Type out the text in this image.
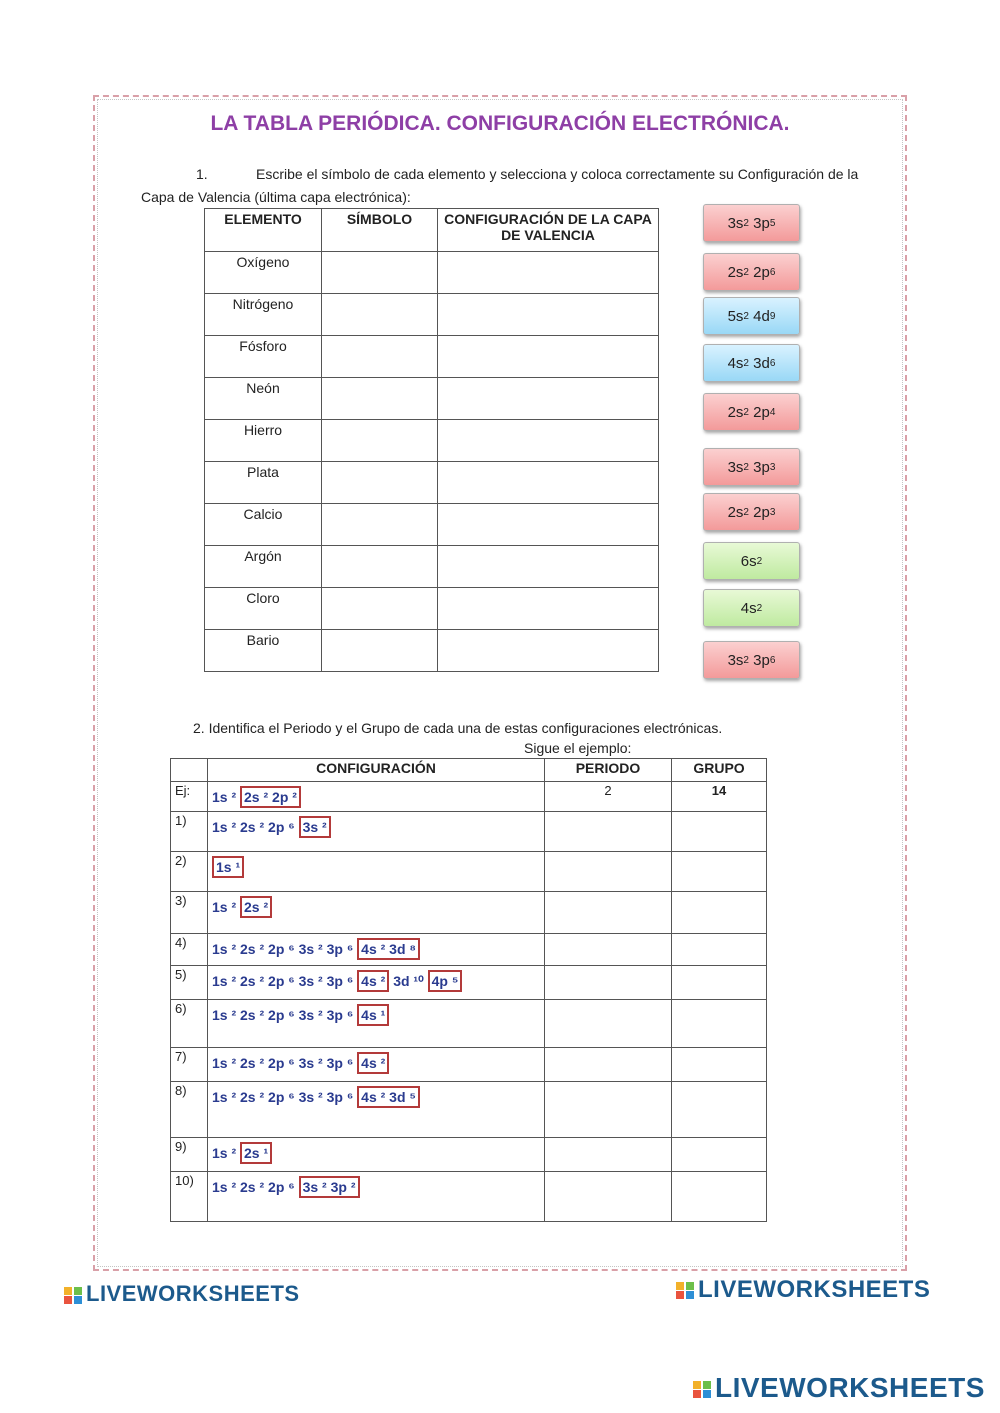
LA TABLA PERIÓDICA. CONFIGURACIÓN ELECTRÓNICA.
1.	Escribe el símbolo de cada elemento y selecciona y coloca correctamente su Configuración de la
Capa de Valencia (última capa electrónica):
ELEMENTO	SÍMBOLO	CONFIGURACIÓN DE LA CAPA DE VALENCIA
Oxígeno		
Nitrógeno		
Fósforo		
Neón		
Hierro		
Plata		
Calcio		
Argón		
Cloro		
Bario		
3s 2
3p 5
2s 2
2p 6
5s 2
4d 9
4s 2
3d 6
2s 2
2p 4
3s 2
3p 3
2s 2
2p 3
6s 2
4s 2
3s 2
3p 6
2. Identifica el Periodo y el Grupo de cada una de estas configuraciones electrónicas.
Sigue el ejemplo:
	CONFIGURACIÓN	PERIODO	GRUPO
Ej:	1s ² 2s ² 2p ²	2	14
1)	1s ² 2s ² 2p ⁶ 3s ²		
2)	1s ¹		
3)	1s ² 2s ²		
4)	1s ² 2s ² 2p ⁶ 3s ² 3p ⁶ 4s ² 3d ⁸		
5)	1s ² 2s ² 2p ⁶ 3s ² 3p ⁶ 4s ² 3d ¹⁰ 4p ⁵		
6)	1s ² 2s ² 2p ⁶ 3s ² 3p ⁶ 4s ¹		
7)	1s ² 2s ² 2p ⁶ 3s ² 3p ⁶ 4s ²		
8)	1s ² 2s ² 2p ⁶ 3s ² 3p ⁶ 4s ² 3d ⁵		
9)	1s ² 2s ¹		
10)	1s ² 2s ² 2p ⁶ 3s ² 3p ²		
LIVEWORKSHEETS	LIVEWORKSHEETS
LIVEWORKSHEETS
